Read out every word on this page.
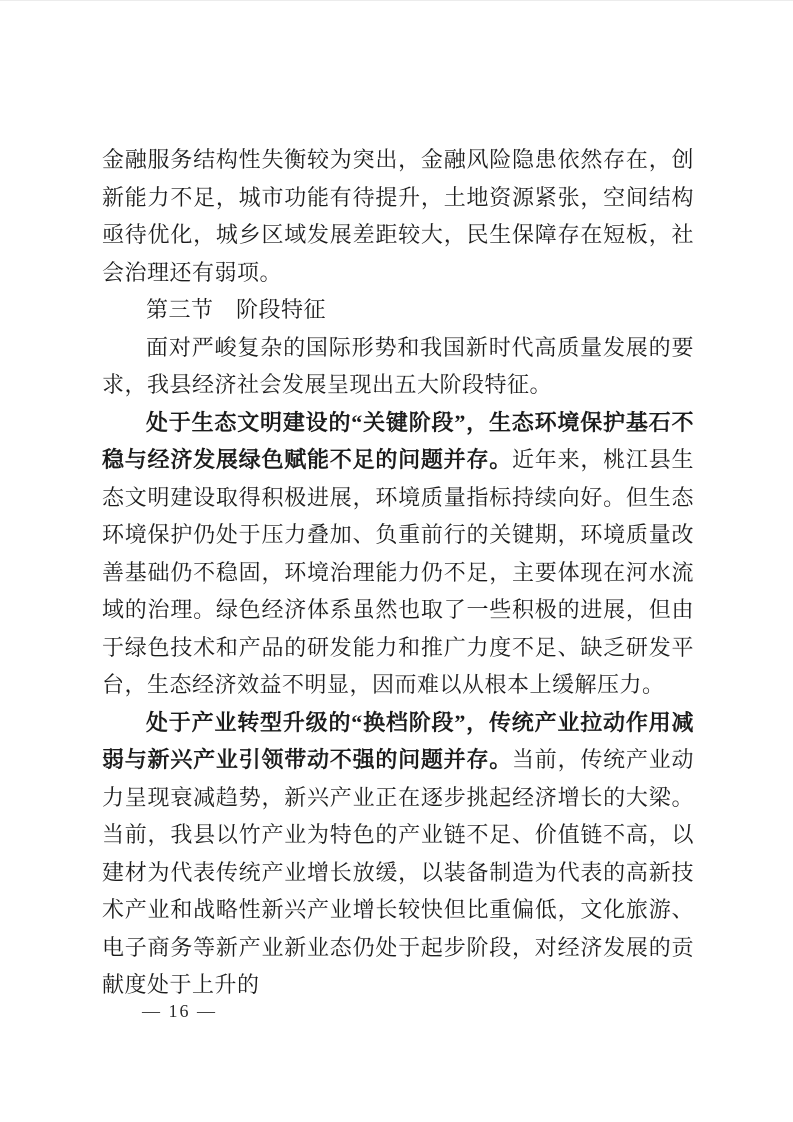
金融服务结构性失衡较为突出，金融风险隐患依然存在，创新能力不足，城市功能有待提升，土地资源紧张，空间结构亟待优化，城乡区域发展差距较大，民生保障存在短板，社会治理还有弱项。

第三节　阶段特征

面对严峻复杂的国际形势和我国新时代高质量发展的要求，我县经济社会发展呈现出五大阶段特征。

处于生态文明建设的“关键阶段”，生态环境保护基石不稳与经济发展绿色赋能不足的问题并存。近年来，桃江县生态文明建设取得积极进展，环境质量指标持续向好。但生态环境保护仍处于压力叠加、负重前行的关键期，环境质量改善基础仍不稳固，环境治理能力仍不足，主要体现在河水流域的治理。绿色经济体系虽然也取了一些积极的进展，但由于绿色技术和产品的研发能力和推广力度不足、缺乏研发平台，生态经济效益不明显，因而难以从根本上缓解压力。

处于产业转型升级的“换档阶段”，传统产业拉动作用减弱与新兴产业引领带动不强的问题并存。当前，传统产业动力呈现衰减趋势，新兴产业正在逐步挑起经济增长的大梁。当前，我县以竹产业为特色的产业链不足、价值链不高，以建材为代表传统产业增长放缓，以装备制造为代表的高新技术产业和战略性新兴产业增长较快但比重偏低，文化旅游、电子商务等新产业新业态仍处于起步阶段，对经济发展的贡献度处于上升的

— 16 —
